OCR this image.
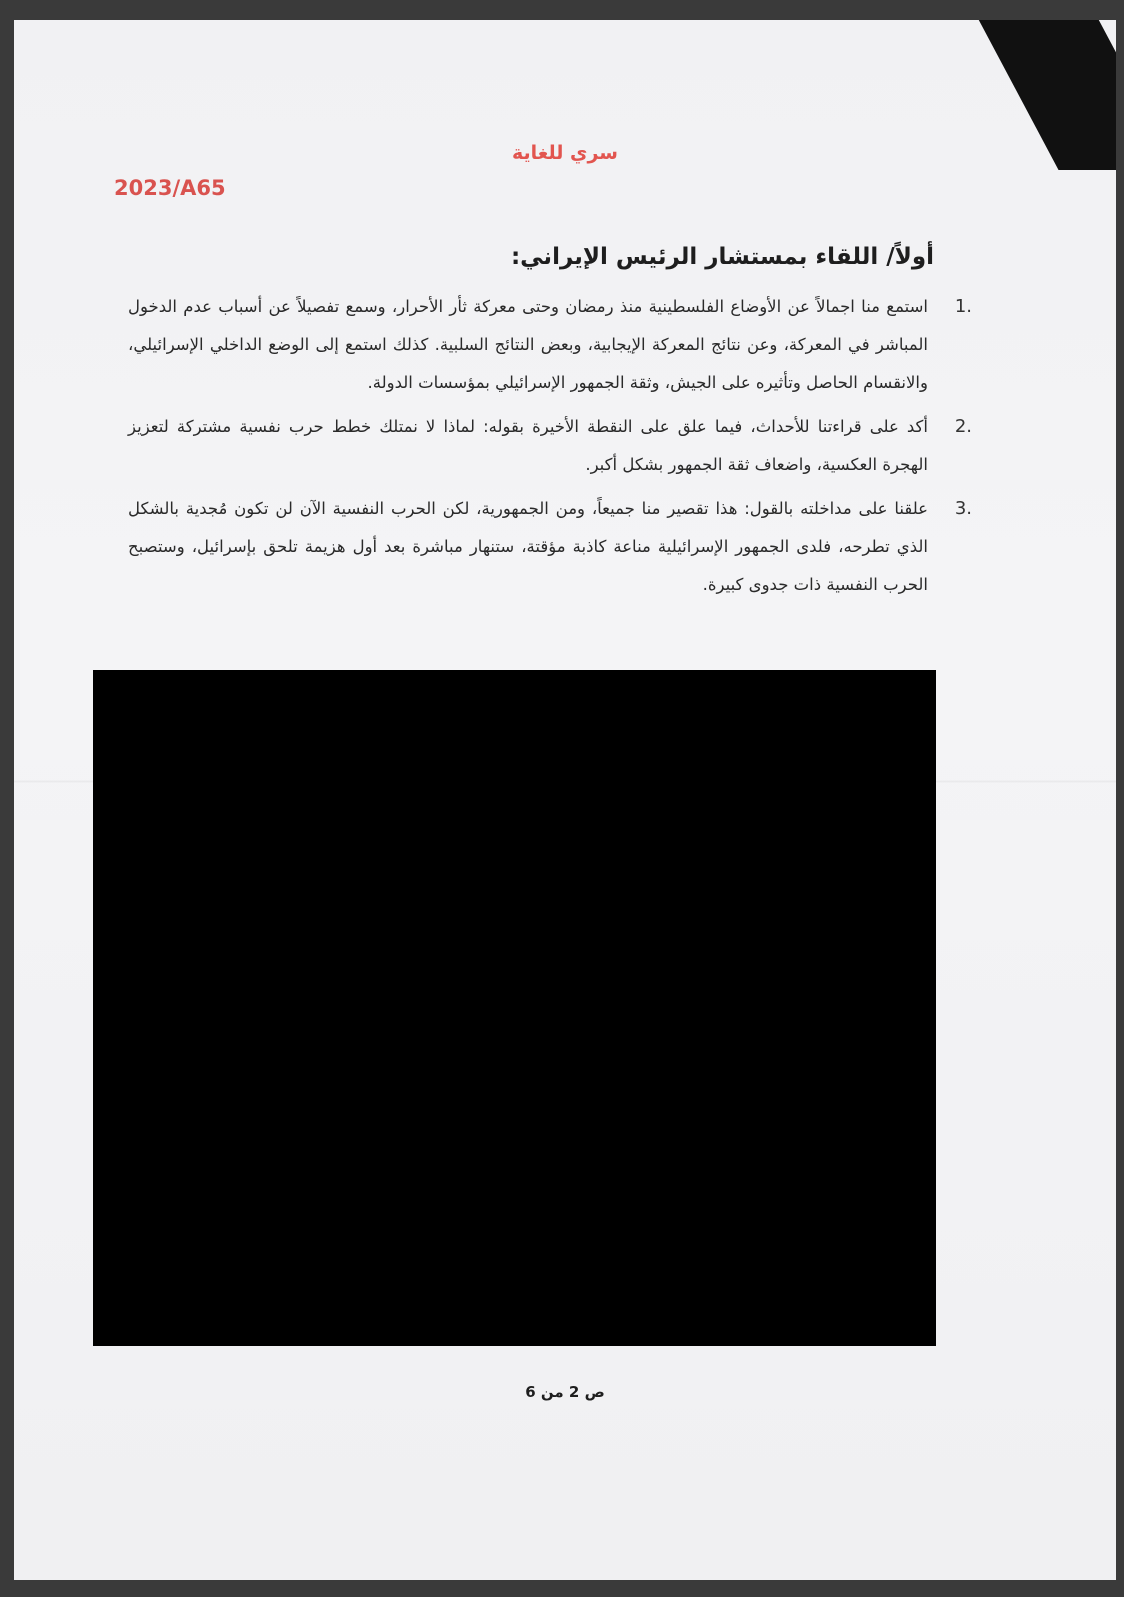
سري للغاية
2023/A65
أولاً/ اللقاء بمستشار الرئيس الإيراني:
1.
استمع منا اجمالاً عن الأوضاع الفلسطينية منذ رمضان وحتى معركة ثأر الأحرار، وسمع تفصيلاً عن أسباب عدم الدخول المباشر في المعركة، وعن نتائج المعركة الإيجابية، وبعض النتائج السلبية. كذلك استمع إلى الوضع الداخلي الإسرائيلي، والانقسام الحاصل وتأثيره على الجيش، وثقة الجمهور الإسرائيلي بمؤسسات الدولة.
2.
أكد على قراءتنا للأحداث، فيما علق على النقطة الأخيرة بقوله: لماذا لا نمتلك خطط حرب نفسية مشتركة لتعزيز الهجرة العكسية، واضعاف ثقة الجمهور بشكل أكبر.
3.
علقنا على مداخلته بالقول: هذا تقصير منا جميعاً، ومن الجمهورية، لكن الحرب النفسية الآن لن تكون مُجدية بالشكل الذي تطرحه، فلدى الجمهور الإسرائيلية مناعة كاذبة مؤقتة، ستنهار مباشرة بعد أول هزيمة تلحق بإسرائيل، وستصبح الحرب النفسية ذات جدوى كبيرة.
ص 2 من 6
